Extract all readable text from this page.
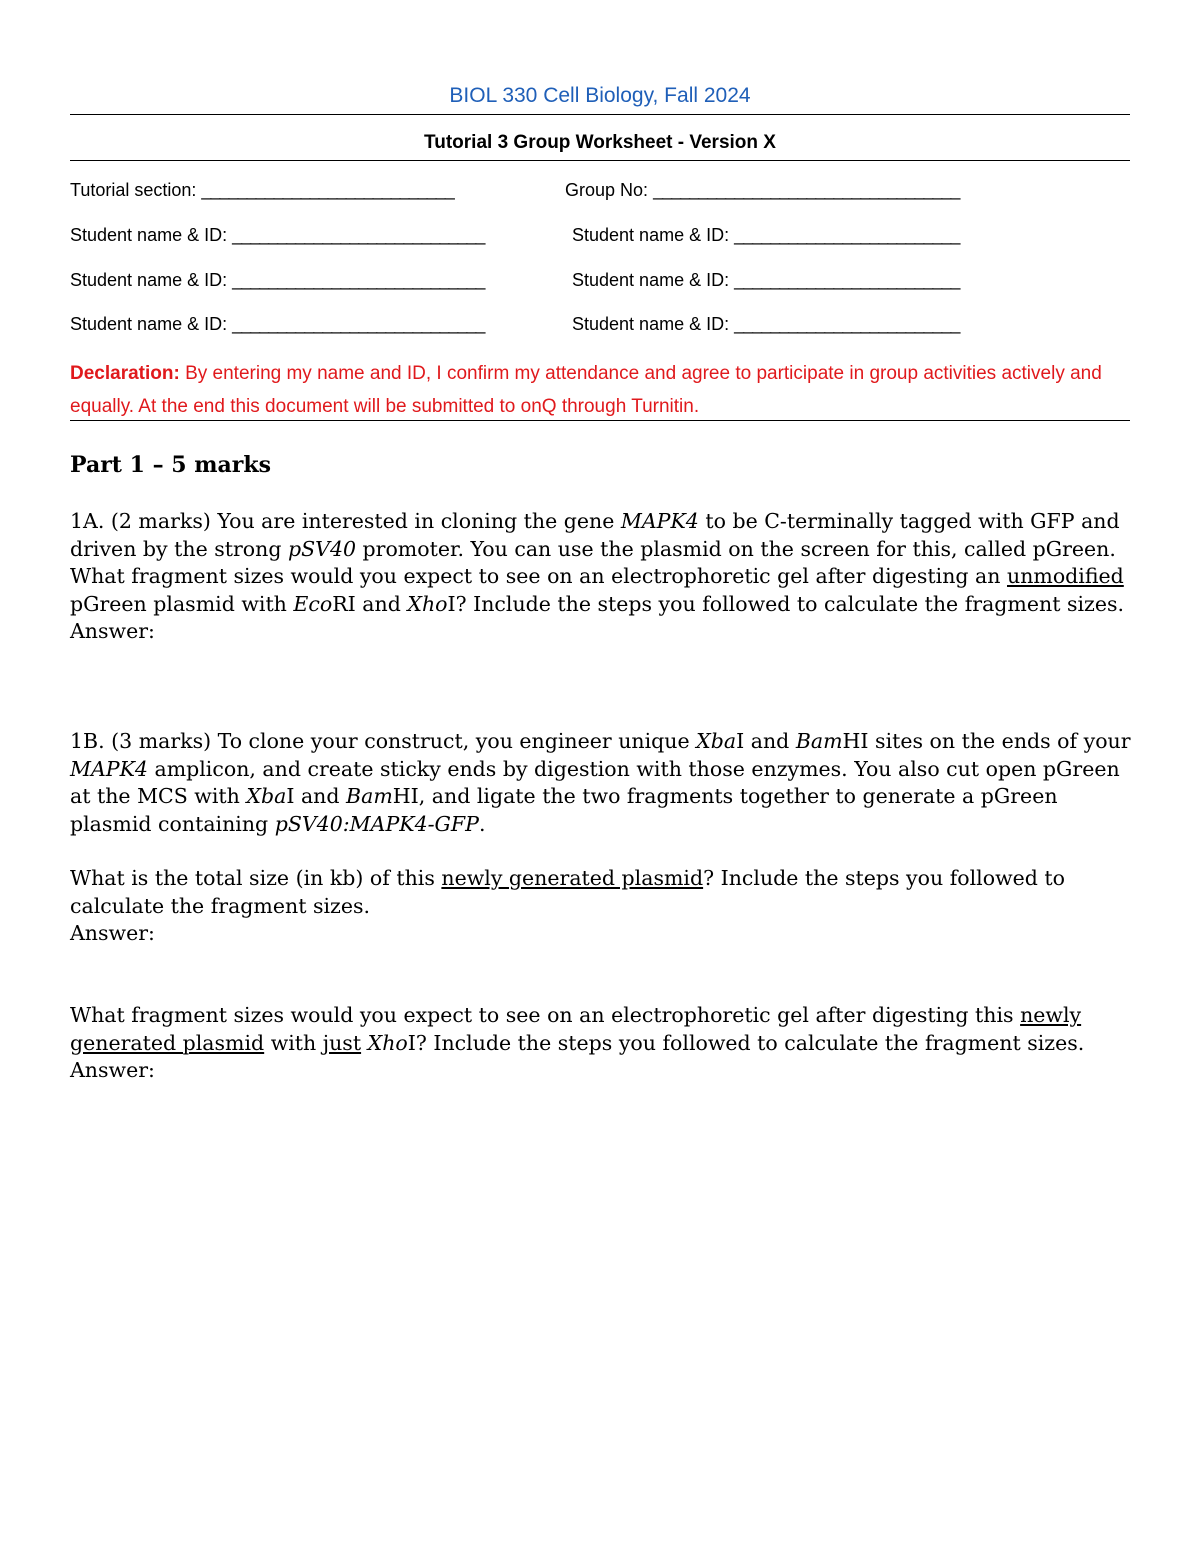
BIOL 330 Cell Biology, Fall 2024
Tutorial 3 Group Worksheet - Version X
Tutorial section: ____________________________	Group No: __________________________________
Student name & ID: ____________________________	Student name & ID: _________________________
Student name & ID: ____________________________	Student name & ID: _________________________
Student name & ID: ____________________________	Student name & ID: _________________________
Declaration: By entering my name and ID, I confirm my attendance and agree to participate in group activities actively and equally. At the end this document will be submitted to onQ through Turnitin.
Part 1 – 5 marks

1A. (2 marks) You are interested in cloning the gene MAPK4 to be C-terminally tagged with GFP and driven by the strong pSV40 promoter. You can use the plasmid on the screen for this, called pGreen.

What fragment sizes would you expect to see on an electrophoretic gel after digesting an unmodified pGreen plasmid with EcoRI and XhoI? Include the steps you followed to calculate the fragment sizes.

Answer:

1B. (3 marks) To clone your construct, you engineer unique XbaI and BamHI sites on the ends of your MAPK4 amplicon, and create sticky ends by digestion with those enzymes. You also cut open pGreen at the MCS with XbaI and BamHI, and ligate the two fragments together to generate a pGreen plasmid containing pSV40:MAPK4-GFP.

What is the total size (in kb) of this newly generated plasmid? Include the steps you followed to calculate the fragment sizes.

Answer:

What fragment sizes would you expect to see on an electrophoretic gel after digesting this newly generated plasmid with just XhoI? Include the steps you followed to calculate the fragment sizes.

Answer:
